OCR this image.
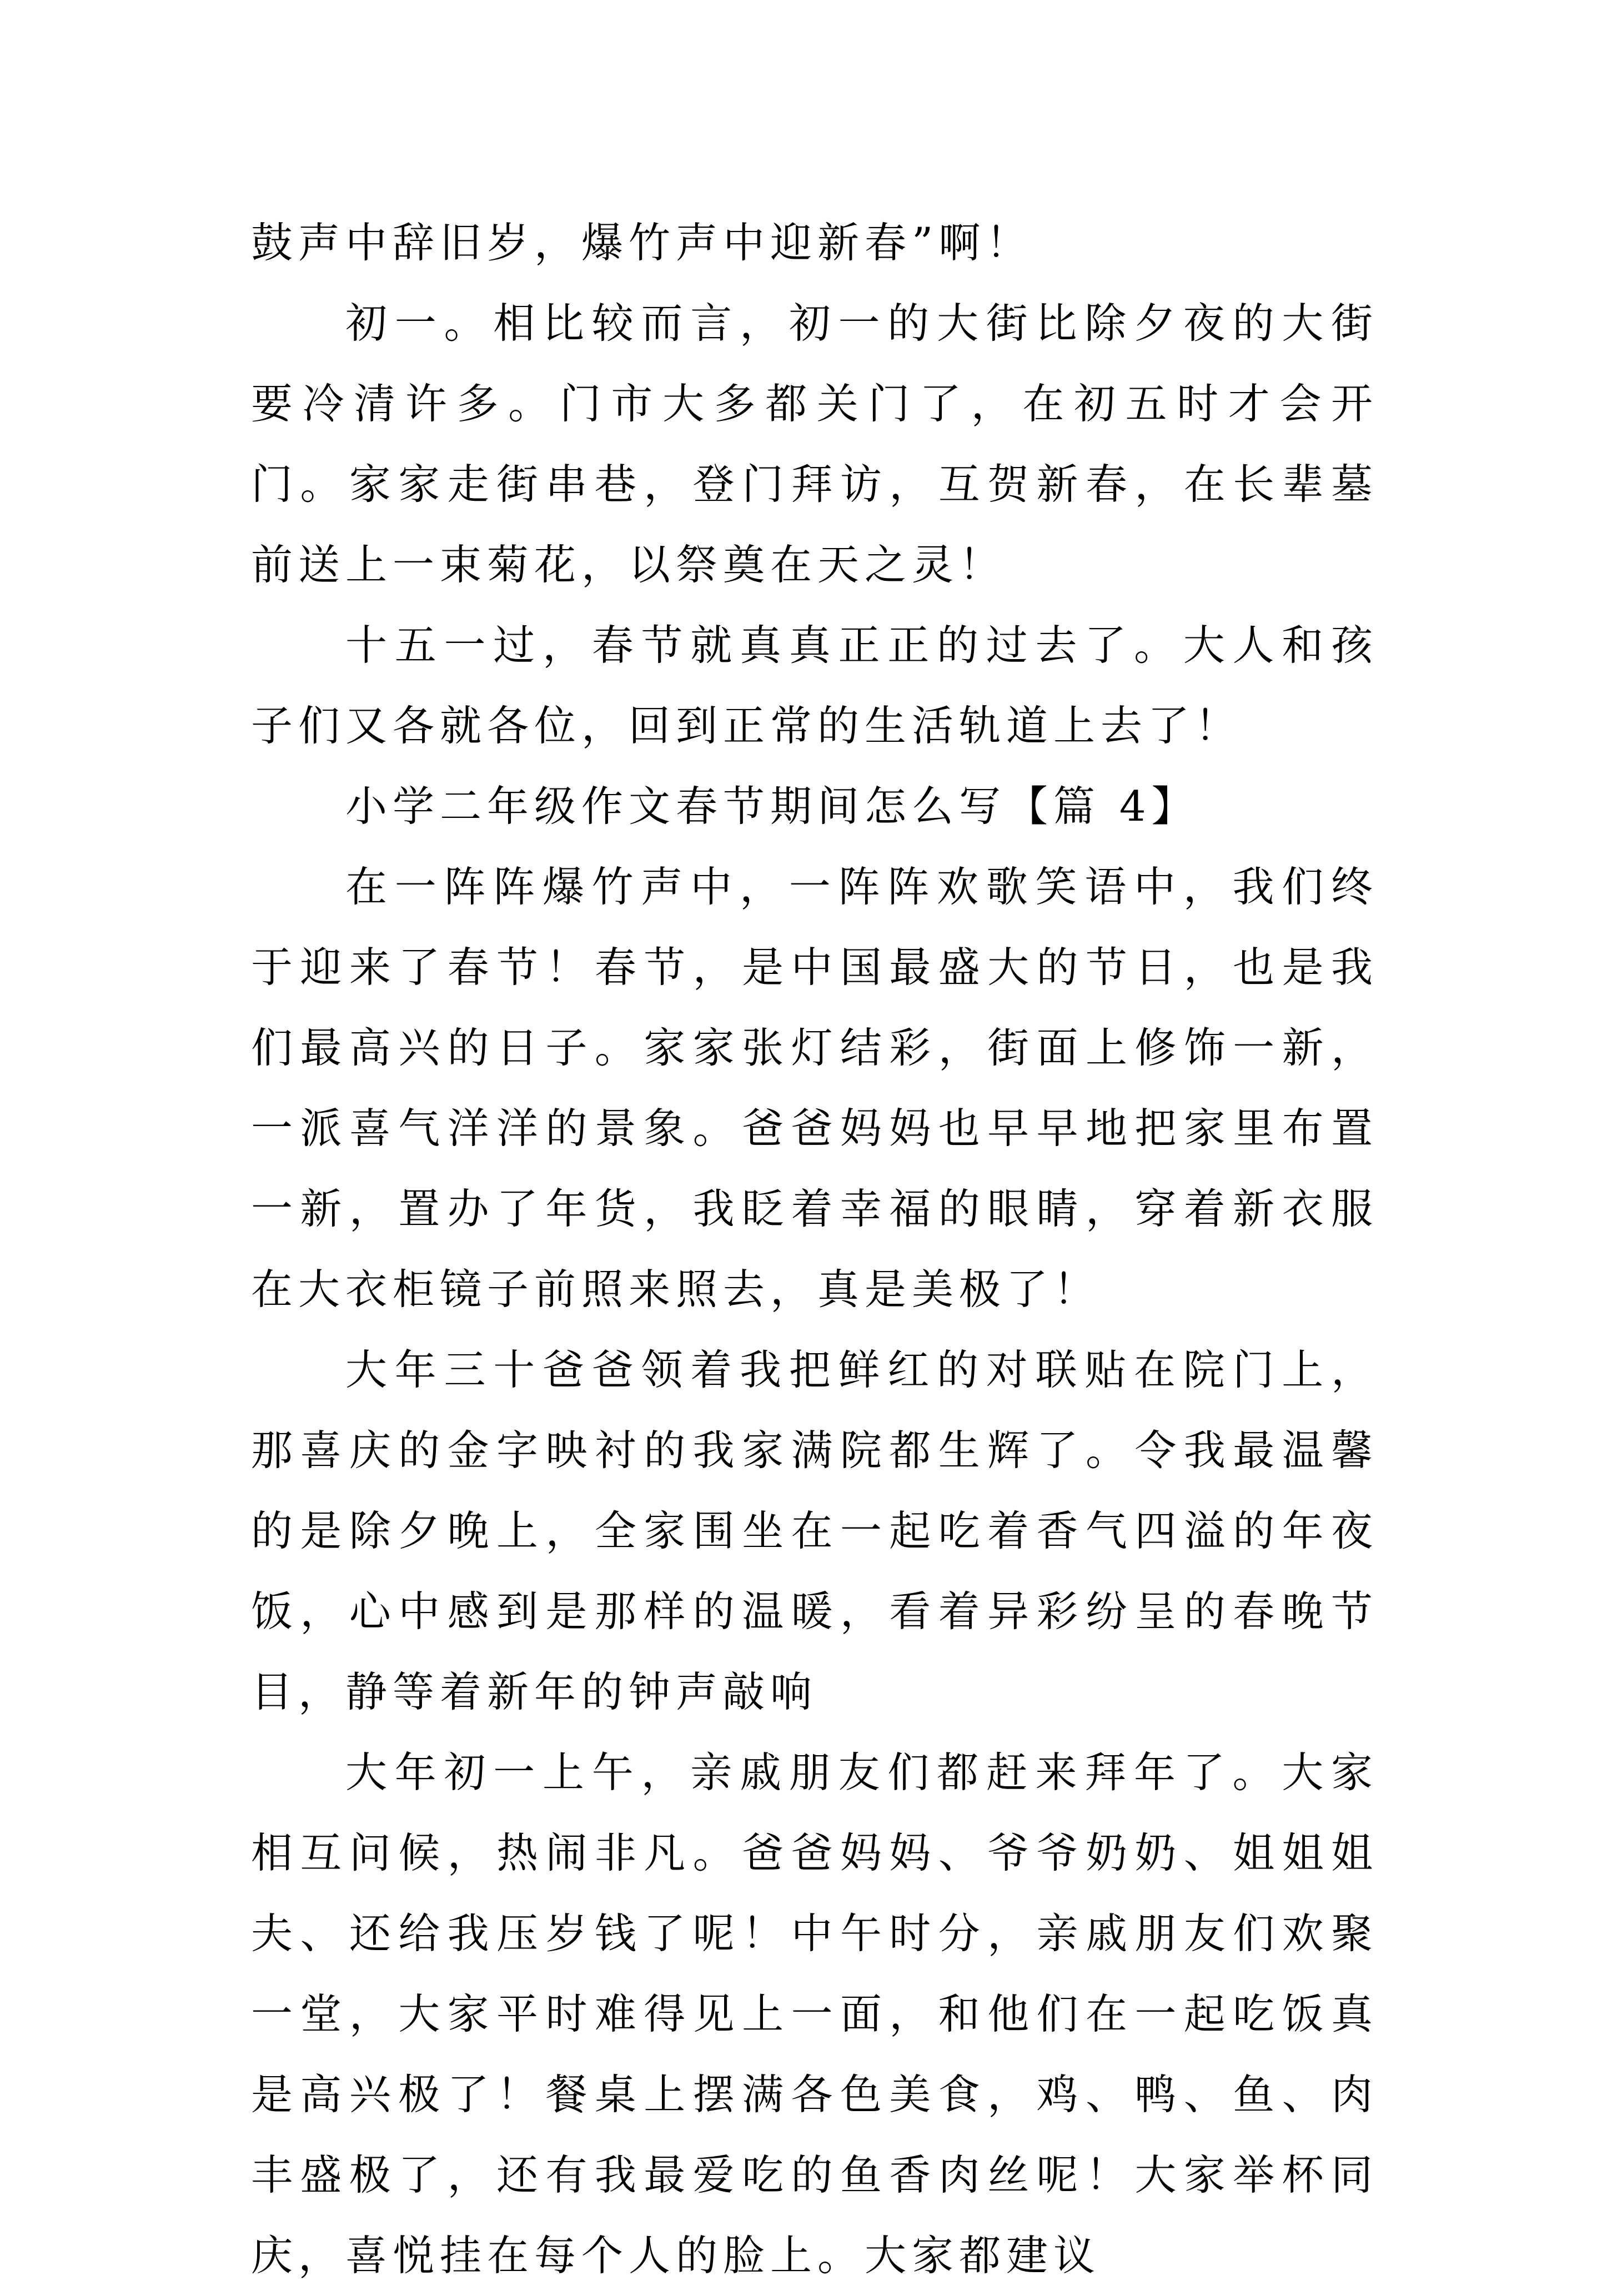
鼓声中辞旧岁，爆竹声中迎新春”啊！

初一。相比较而言，初一的大街比除夕夜的大街要冷清许多。门市大多都关门了，在初五时才会开门。家家走街串巷，登门拜访，互贺新春，在长辈墓前送上一束菊花，以祭奠在天之灵！

十五一过，春节就真真正正的过去了。大人和孩子们又各就各位，回到正常的生活轨道上去了！

小学二年级作文春节期间怎么写【篇 4】

在一阵阵爆竹声中，一阵阵欢歌笑语中，我们终于迎来了春节！春节，是中国最盛大的节日，也是我们最高兴的日子。家家张灯结彩，街面上修饰一新，一派喜气洋洋的景象。爸爸妈妈也早早地把家里布置一新，置办了年货，我眨着幸福的眼睛，穿着新衣服在大衣柜镜子前照来照去，真是美极了！

大年三十爸爸领着我把鲜红的对联贴在院门上，那喜庆的金字映衬的我家满院都生辉了。令我最温馨的是除夕晚上，全家围坐在一起吃着香气四溢的年夜饭，心中感到是那样的温暖，看着异彩纷呈的春晚节目，静等着新年的钟声敲响

大年初一上午，亲戚朋友们都赶来拜年了。大家相互问候，热闹非凡。爸爸妈妈、爷爷奶奶、姐姐姐夫、还给我压岁钱了呢！中午时分，亲戚朋友们欢聚一堂，大家平时难得见上一面，和他们在一起吃饭真是高兴极了！餐桌上摆满各色美食，鸡、鸭、鱼、肉丰盛极了，还有我最爱吃的鱼香肉丝呢！大家举杯同庆，喜悦挂在每个人的脸上。大家都建议
